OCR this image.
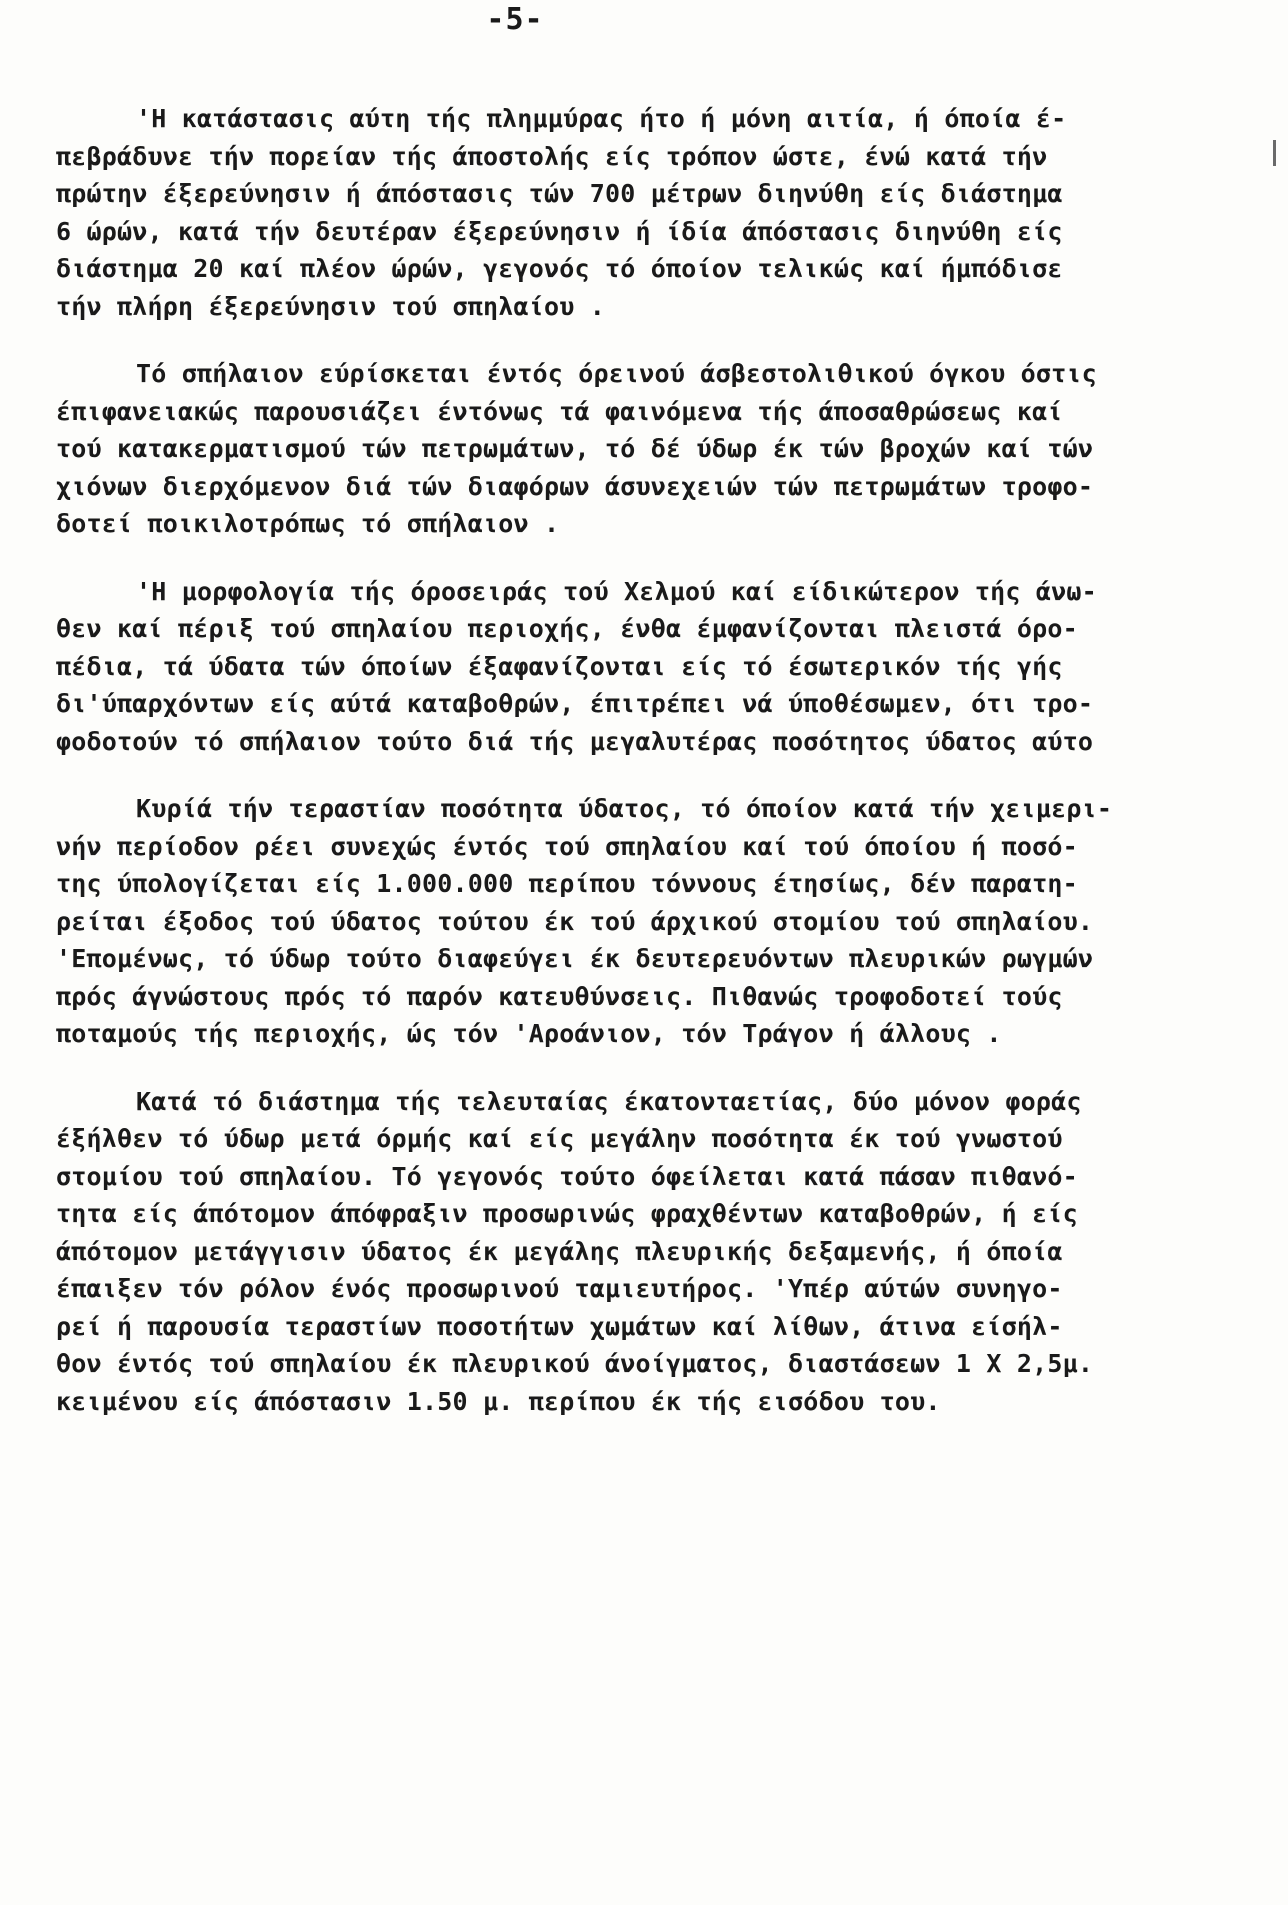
-5-
'Η κατάστασις αύτη τής πλημμύρας ήτο ή μόνη αιτία, ή όποία έ-
πεβράδυνε τήν πορείαν τής άποστολής είς τρόπον ώστε, ένώ κατά τήν
πρώτην έξερεύνησιν ή άπόστασις τών 700 μέτρων διηνύθη είς διάστημα
6 ώρών, κατά τήν δευτέραν έξερεύνησιν ή ίδία άπόστασις διηνύθη είς
διάστημα 20 καί πλέον ώρών, γεγονός τό όποίον τελικώς καί ήμπόδισε
τήν πλήρη έξερεύνησιν τού σπηλαίου .
Τό σπήλαιον εύρίσκεται έντός όρεινού άσβεστολιθικού όγκου όστις
έπιφανειακώς παρουσιάζει έντόνως τά φαινόμενα τής άποσαθρώσεως καί
τού κατακερματισμού τών πετρωμάτων, τό δέ ύδωρ έκ τών βροχών καί τών
χιόνων διερχόμενον διά τών διαφόρων άσυνεχειών τών πετρωμάτων τροφο-
δοτεί ποικιλοτρόπως τό σπήλαιον .
'Η μορφολογία τής όροσειράς τού Χελμού καί είδικώτερον τής άνω-
θεν καί πέριξ τού σπηλαίου περιοχής, ένθα έμφανίζονται πλειστά όρο-
πέδια, τά ύδατα τών όποίων έξαφανίζονται είς τό έσωτερικόν τής γής
δι'ύπαρχόντων είς αύτά καταβοθρών, έπιτρέπει νά ύποθέσωμεν, ότι τρο-
φοδοτούν τό σπήλαιον τούτο διά τής μεγαλυτέρας ποσότητος ύδατος αύτο
Κυρίά τήν τεραστίαν ποσότητα ύδατος, τό όποίον κατά τήν χειμερι-
νήν περίοδον ρέει συνεχώς έντός τού σπηλαίου καί τού όποίου ή ποσό-
της ύπολογίζεται είς 1.000.000 περίπου τόννους έτησίως, δέν παρατη-
ρείται έξοδος τού ύδατος τούτου έκ τού άρχικού στομίου τού σπηλαίου.
'Επομένως, τό ύδωρ τούτο διαφεύγει έκ δευτερευόντων πλευρικών ρωγμών
πρός άγνώστους πρός τό παρόν κατευθύνσεις. Πιθανώς τροφοδοτεί τούς
ποταμούς τής περιοχής, ώς τόν 'Αροάνιον, τόν Τράγον ή άλλους .
Κατά τό διάστημα τής τελευταίας έκατονταετίας, δύο μόνον φοράς
έξήλθεν τό ύδωρ μετά όρμής καί είς μεγάλην ποσότητα έκ τού γνωστού
στομίου τού σπηλαίου. Τό γεγονός τούτο όφείλεται κατά πάσαν πιθανό-
τητα είς άπότομον άπόφραξιν προσωρινώς φραχθέντων καταβοθρών, ή είς
άπότομον μετάγγισιν ύδατος έκ μεγάλης πλευρικής δεξαμενής, ή όποία
έπαιξεν τόν ρόλον ένός προσωρινού ταμιευτήρος. 'Υπέρ αύτών συνηγο-
ρεί ή παρουσία τεραστίων ποσοτήτων χωμάτων καί λίθων, άτινα είσήλ-
θον έντός τού σπηλαίου έκ πλευρικού άνοίγματος, διαστάσεων 1 Χ 2,5μ.
κειμένου είς άπόστασιν 1.50 μ. περίπου έκ τής εισόδου του.
